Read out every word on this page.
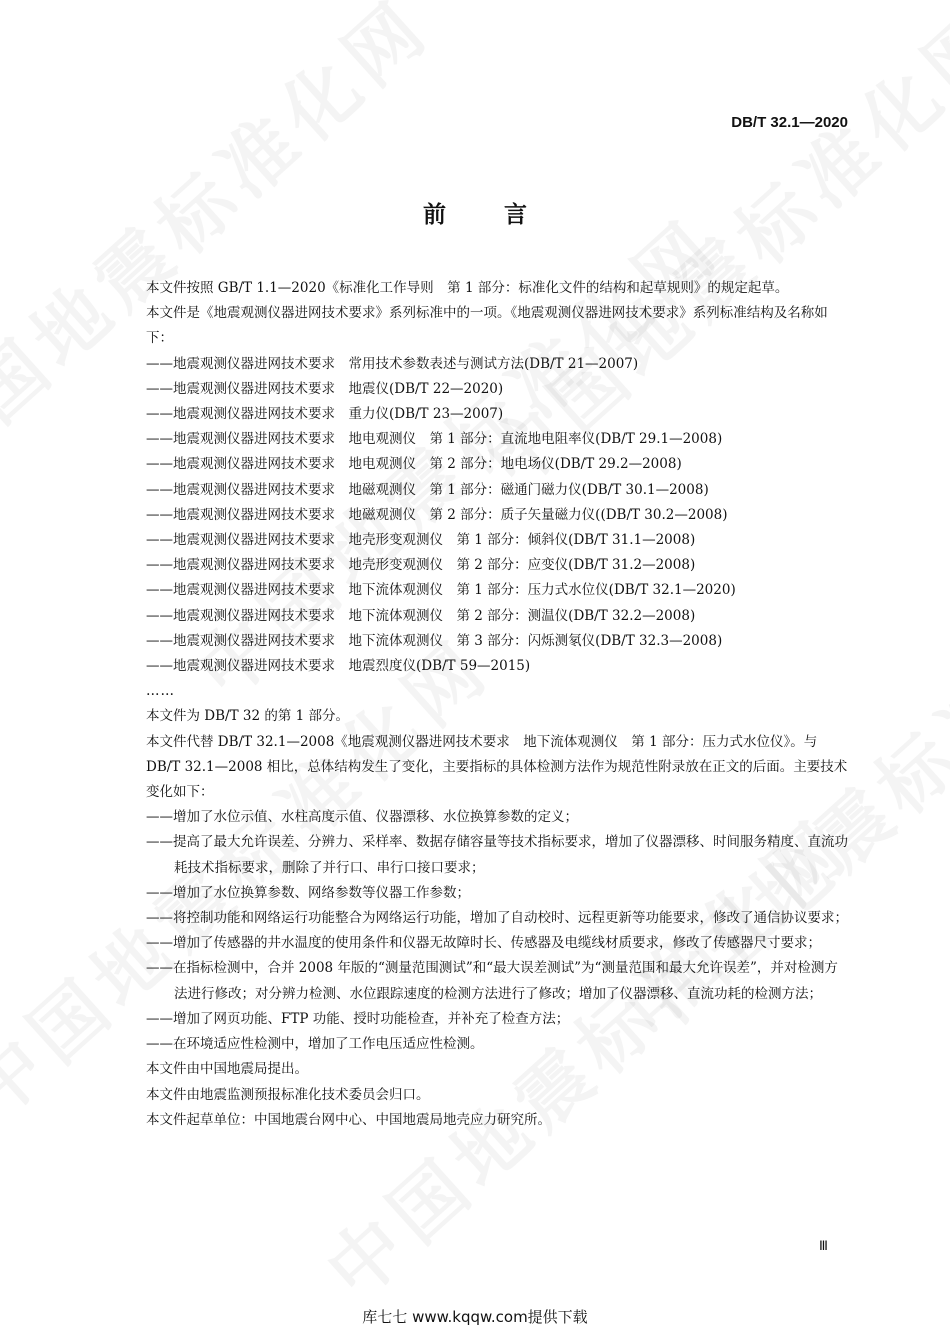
DB/T 32.1—2020
前言

本文件按照 GB/T 1.1—2020《标准化工作导则　第 1 部分：标准化文件的结构和起草规则》的规定起草。

本文件是《地震观测仪器进网技术要求》系列标准中的一项。《地震观测仪器进网技术要求》系列标准结构及名称如下：

——地震观测仪器进网技术要求　常用技术参数表述与测试方法(DB/T 21—2007)
——地震观测仪器进网技术要求　地震仪(DB/T 22—2020)
——地震观测仪器进网技术要求　重力仪(DB/T 23—2007)
——地震观测仪器进网技术要求　地电观测仪　第 1 部分：直流地电阻率仪(DB/T 29.1—2008)
——地震观测仪器进网技术要求　地电观测仪　第 2 部分：地电场仪(DB/T 29.2—2008)
——地震观测仪器进网技术要求　地磁观测仪　第 1 部分：磁通门磁力仪(DB/T 30.1—2008)
——地震观测仪器进网技术要求　地磁观测仪　第 2 部分：质子矢量磁力仪((DB/T 30.2—2008)
——地震观测仪器进网技术要求　地壳形变观测仪　第 1 部分：倾斜仪(DB/T 31.1—2008)
——地震观测仪器进网技术要求　地壳形变观测仪　第 2 部分：应变仪(DB/T 31.2—2008)
——地震观测仪器进网技术要求　地下流体观测仪　第 1 部分：压力式水位仪(DB/T 32.1—2020)
——地震观测仪器进网技术要求　地下流体观测仪　第 2 部分：测温仪(DB/T 32.2—2008)
——地震观测仪器进网技术要求　地下流体观测仪　第 3 部分：闪烁测氡仪(DB/T 32.3—2008)
——地震观测仪器进网技术要求　地震烈度仪(DB/T 59—2015)

……

本文件为 DB/T 32 的第 1 部分。

本文件代替 DB/T 32.1—2008《地震观测仪器进网技术要求　地下流体观测仪　第 1 部分：压力式水位仪》。与 DB/T 32.1—2008 相比，总体结构发生了变化，主要指标的具体检测方法作为规范性附录放在正文的后面。主要技术变化如下：

——增加了水位示值、水柱高度示值、仪器漂移、水位换算参数的定义；

——提高了最大允许误差、分辨力、采样率、数据存储容量等技术指标要求，增加了仪器漂移、时间服务精度、直流功耗技术指标要求，删除了并行口、串行口接口要求；

——增加了水位换算参数、网络参数等仪器工作参数；

——将控制功能和网络运行功能整合为网络运行功能，增加了自动校时、远程更新等功能要求，修改了通信协议要求；

——增加了传感器的井水温度的使用条件和仪器无故障时长、传感器及电缆线材质要求，修改了传感器尺寸要求；

——在指标检测中，合并 2008 年版的“测量范围测试”和“最大误差测试”为“测量范围和最大允许误差”，并对检测方法进行修改；对分辨力检测、水位跟踪速度的检测方法进行了修改；增加了仪器漂移、直流功耗的检测方法；

——增加了网页功能、FTP 功能、授时功能检查，并补充了检查方法；

——在环境适应性检测中，增加了工作电压适应性检测。

本文件由中国地震局提出。

本文件由地震监测预报标准化技术委员会归口。

本文件起草单位：中国地震台网中心、中国地震局地壳应力研究所。

Ⅲ
库七七 www.kqqw.com提供下载
